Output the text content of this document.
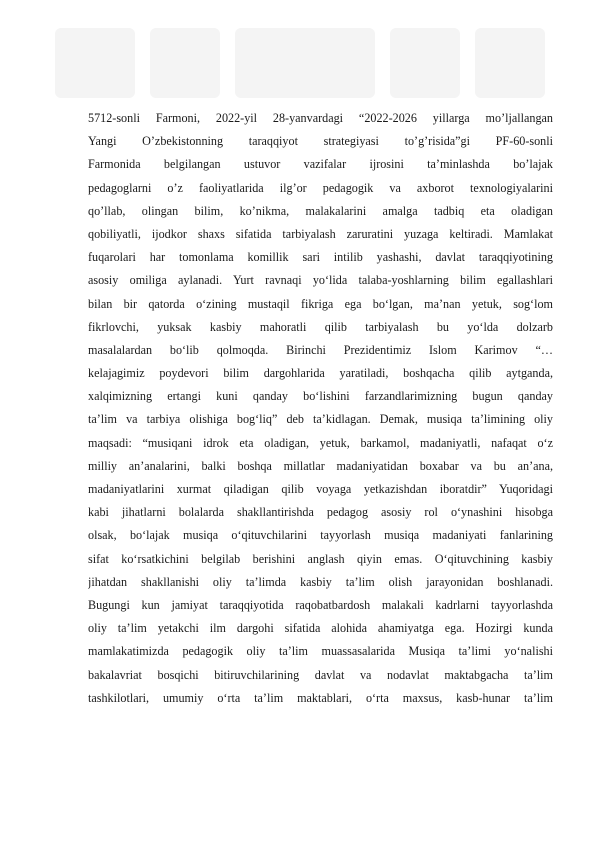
5712-sonli Farmoni, 2022-yil 28-yanvardagi “2022-2026 yillarga mo’ljallangan
Yangi O’zbekistonning taraqqiyot strategiyasi to’g’risida”gi PF-60-sonli
Farmonida belgilangan ustuvor vazifalar ijrosini ta’minlashda bo’lajak
pedagoglarni o’z faoliyatlarida ilg’or pedagogik va axborot texnologiyalarini
qo’llab, olingan bilim, ko’nikma, malakalarini amalga tadbiq eta oladigan
qobiliyatli, ijodkor shaxs sifatida tarbiyalash zaruratini yuzaga keltiradi. Mamlakat
fuqarolari har tomonlama komillik sari intilib yashashi, davlat taraqqiyotining
asosiy omiliga aylanadi. Yurt ravnaqi yo‘lida talaba-yoshlarning bilim egallashlari
bilan bir qatorda o‘zining mustaqil fikriga ega bo‘lgan, ma’nan yetuk, sog‘lom
fikrlovchi, yuksak kasbiy mahoratli qilib tarbiyalash bu yo‘lda dolzarb
masalalardan bo‘lib qolmoqda. Birinchi Prezidentimiz Islom Karimov “…
kelajagimiz poydevori bilim dargohlarida yaratiladi, boshqacha qilib aytganda,
xalqimizning ertangi kuni qanday bo‘lishini farzandlarimizning bugun qanday
ta’lim va tarbiya olishiga bog‘liq” deb ta’kidlagan. Demak, musiqa ta’limining oliy
maqsadi: “musiqani idrok eta oladigan, yetuk, barkamol, madaniyatli, nafaqat o‘z
milliy an’analarini, balki boshqa millatlar madaniyatidan boxabar va bu an’ana,
madaniyatlarini xurmat qiladigan qilib voyaga yetkazishdan iboratdir” Yuqoridagi
kabi jihatlarni bolalarda shakllantirishda pedagog asosiy rol o‘ynashini hisobga
olsak, bo‘lajak musiqa o‘qituvchilarini tayyorlash musiqa madaniyati fanlarining
sifat ko‘rsatkichini belgilab berishini anglash qiyin emas. O‘qituvchining kasbiy
jihatdan shakllanishi oliy ta’limda kasbiy ta’lim olish jarayonidan boshlanadi.
Bugungi kun jamiyat taraqqiyotida raqobatbardosh malakali kadrlarni tayyorlashda
oliy ta’lim yetakchi ilm dargohi sifatida alohida ahamiyatga ega. Hozirgi kunda
mamlakatimizda pedagogik oliy ta’lim muassasalarida Musiqa ta’limi yo‘nalishi
bakalavriat bosqichi bitiruvchilarining davlat va nodavlat maktabgacha ta’lim
tashkilotlari, umumiy o‘rta ta’lim maktablari, o‘rta maxsus, kasb-hunar ta’lim
